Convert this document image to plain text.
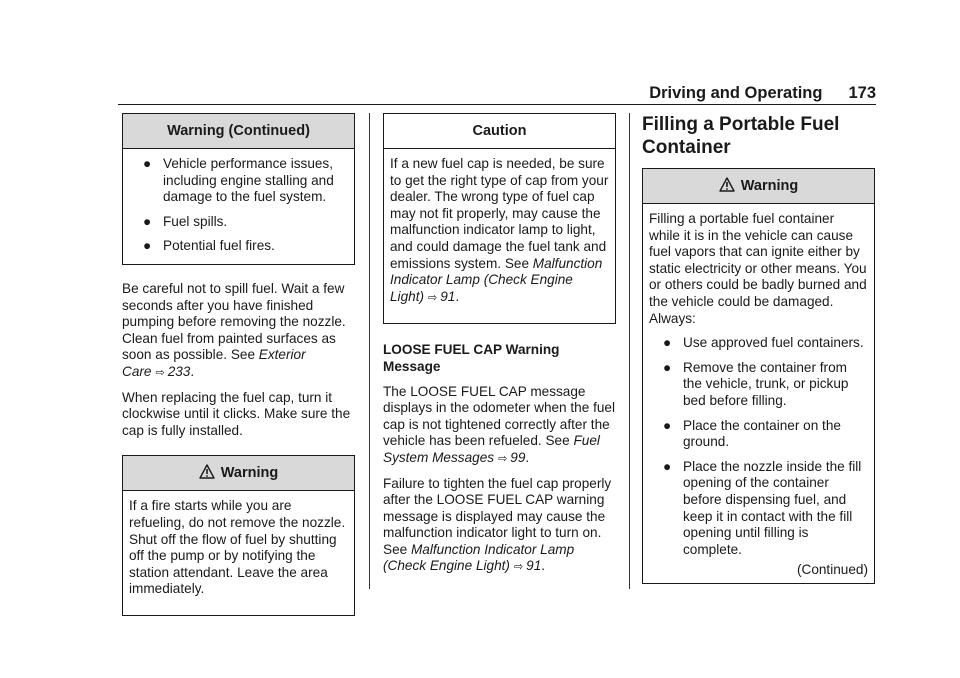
Driving and Operating 173
Warning (Continued)
● Vehicle performance issues, including engine stalling and damage to the fuel system.
● Fuel spills.
● Potential fuel fires.

Be careful not to spill fuel. Wait a few seconds after you have finished pumping before removing the nozzle. Clean fuel from painted surfaces as soon as possible. See Exterior Care ⇨ 233.

When replacing the fuel cap, turn it clockwise until it clicks. Make sure the cap is fully installed.

Warning

If a fire starts while you are refueling, do not remove the nozzle. Shut off the flow of fuel by shutting off the pump or by notifying the station attendant. Leave the area immediately.

Caution

If a new fuel cap is needed, be sure to get the right type of cap from your dealer. The wrong type of fuel cap may not fit properly, may cause the malfunction indicator lamp to light, and could damage the fuel tank and emissions system. See Malfunction Indicator Lamp (Check Engine Light) ⇨ 91.

LOOSE FUEL CAP Warning Message

The LOOSE FUEL CAP message displays in the odometer when the fuel cap is not tightened correctly after the vehicle has been refueled. See Fuel System Messages ⇨ 99.

Failure to tighten the fuel cap properly after the LOOSE FUEL CAP warning message is displayed may cause the malfunction indicator light to turn on. See Malfunction Indicator Lamp (Check Engine Light) ⇨ 91.

Filling a Portable Fuel Container
Warning

Filling a portable fuel container while it is in the vehicle can cause fuel vapors that can ignite either by static electricity or other means. You or others could be badly burned and the vehicle could be damaged. Always:

● Use approved fuel containers.
● Remove the container from the vehicle, trunk, or pickup bed before filling.
● Place the container on the ground.
● Place the nozzle inside the fill opening of the container before dispensing fuel, and keep it in contact with the fill opening until filling is complete.
(Continued)
